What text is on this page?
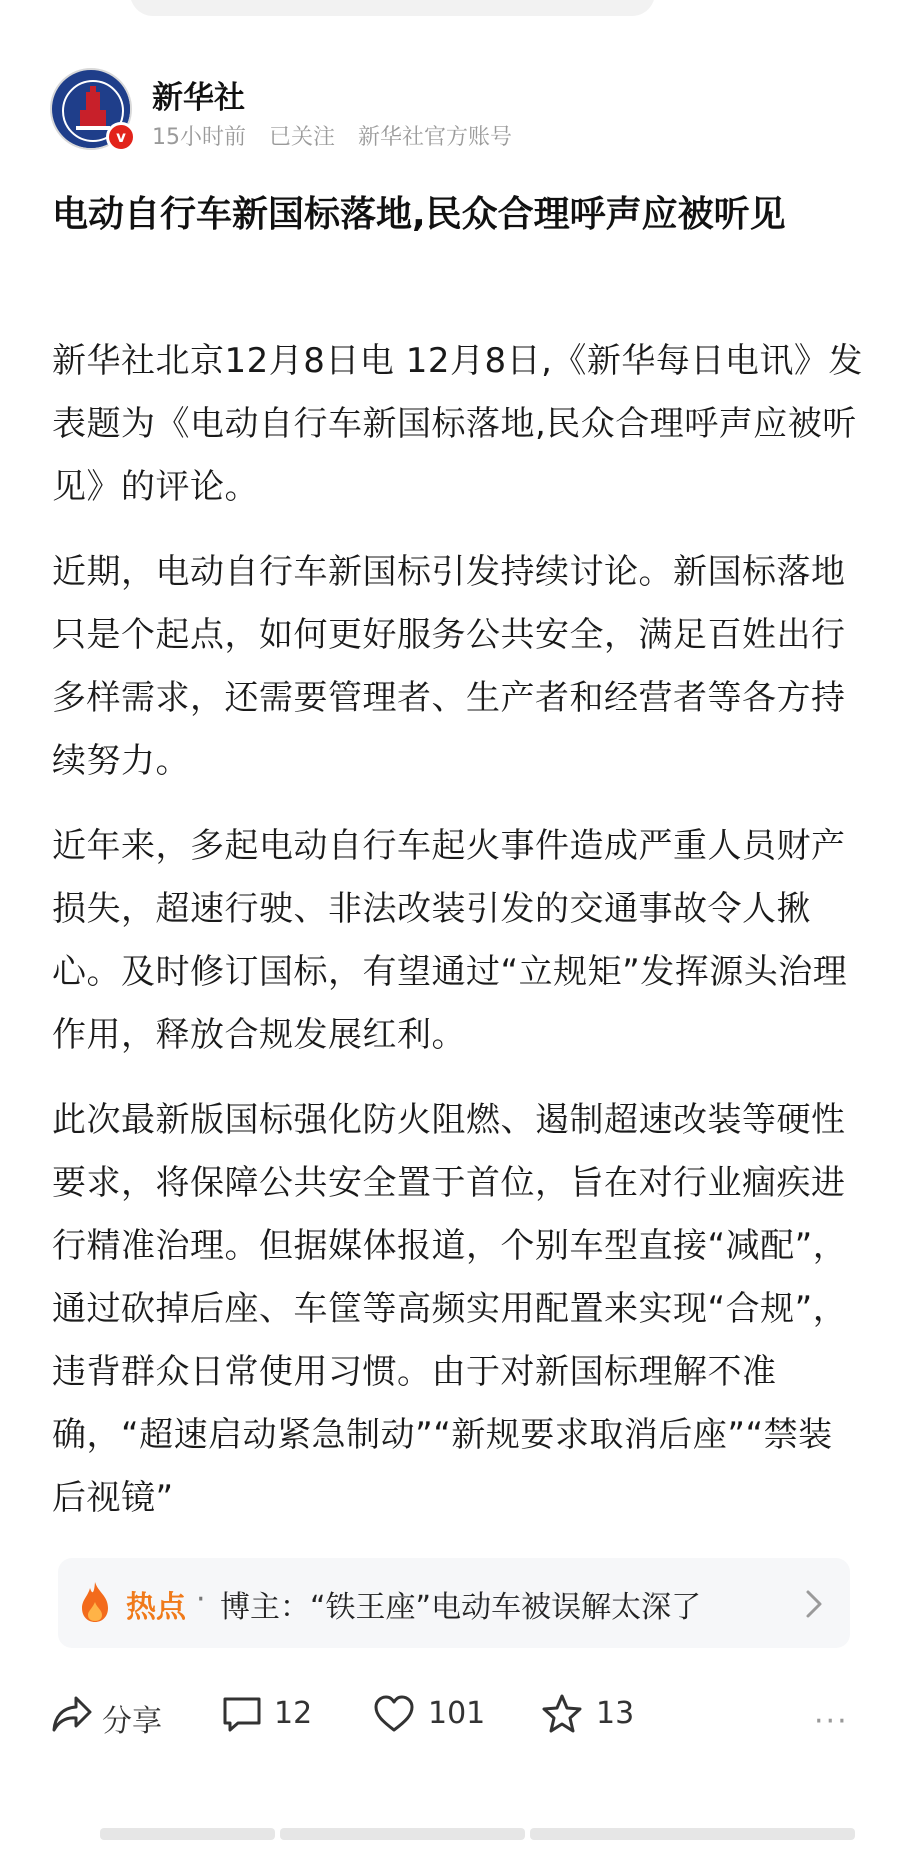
v
新华社
15小时前 已关注 新华社官方账号
电动自行车新国标落地,民众合理呼声应被听见

新华社北京12月8日电 12月8日,《新华每日电讯》发表题为《电动自行车新国标落地,民众合理呼声应被听见》的评论。

近期，电动自行车新国标引发持续讨论。新国标落地只是个起点，如何更好服务公共安全，满足百姓出行多样需求，还需要管理者、生产者和经营者等各方持续努力。

近年来，多起电动自行车起火事件造成严重人员财产损失，超速行驶、非法改装引发的交通事故令人揪心。及时修订国标，有望通过“立规矩”发挥源头治理作用，释放合规发展红利。

此次最新版国标强化防火阻燃、遏制超速改装等硬性要求，将保障公共安全置于首位，旨在对行业痼疾进行精准治理。但据媒体报道，个别车型直接“减配”，通过砍掉后座、车筐等高频实用配置来实现“合规”，违背群众日常使用习惯。由于对新国标理解不准确，“超速启动紧急制动”“新规要求取消后座”“禁装后视镜”

热点 · 博主：“铁王座”电动车被误解太深了
分享	12	101	13	···
